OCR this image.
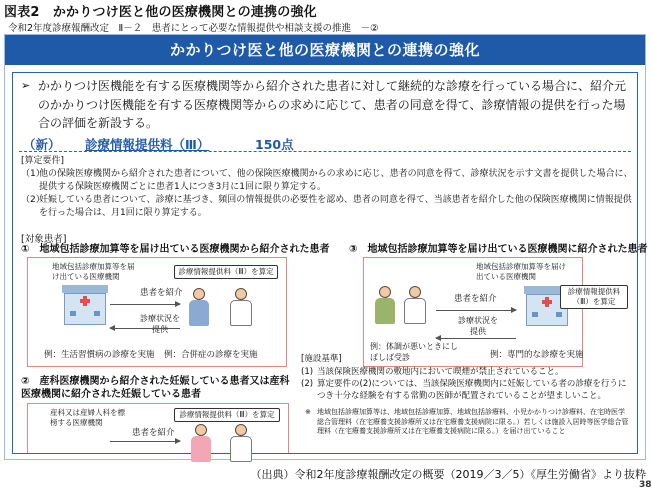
図表2　かかりつけ医と他の医療機関との連携の強化
令和2年度診療報酬改定　Ⅱ－２　患者にとって必要な情報提供や相談支援の推進　－②
かかりつけ医と他の医療機関との連携の強化
➢ かかりつけ医機能を有する医療機関等から紹介された患者に対して継続的な診療を行っている場合に、紹介元のかかりつけ医機能を有する医療機関等からの求めに応じて、患者の同意を得て、診療情報の提供を行った場合の評価を新設する。
（新） 診療情報提供料（Ⅲ）	150点
[算定要件]
（1）
他の保険医療機関から紹介された患者について、他の保険医療機関からの求めに応じ、患者の同意を得て、診療状況を示す文書を提供した場合に、提供する保険医療機関ごとに患者1人につき3月に1回に限り算定する。
（2）
妊娠している患者について、診療に基づき、頻回の情報提供の必要性を認め、患者の同意を得て、当該患者を紹介した他の保険医療機関に情報提供を行った場合は、月1回に限り算定する。
[対象患者]
①　地域包括診療加算等を届け出ている医療機関から紹介された患者
地域包括診療加算等を届け出ている医療機関
診療情報提供料（Ⅲ）を算定
患者を紹介
診療状況を提供
例：生活習慣病の診療を実施 例：合併症の診療を実施
③　地域包括診療加算等を届け出ている医療機関に紹介された患者
地域包括診療加算等を届け出ている医療機関
診療情報提供料（Ⅲ）を算定
患者を紹介
診療状況を提供
例：体調が悪いときにしばしば受診	例：専門的な診療を実施
②　産科医療機関から紹介された妊娠している患者又は産科医療機関に紹介された妊娠している患者
産科又は産婦人科を標榜する医療機関
診療情報提供料（Ⅲ）を算定
患者を紹介
[施設基準]
(1) 当該保険医療機関の敷地内において喫煙が禁止されていること。
(2) 算定要件の(2)については、当該保険医療機関内に妊娠している者の診療を行うにつき十分な経験を有する常勤の医師が配置されていることが望ましいこと。
※ 地域包括診療加算等は、地域包括診療加算、地域包括診療料、小児かかりつけ診療料、在宅時医学総合管理料（在宅療養支援診療所又は在宅療養支援病院に限る。）若しくは施設入居時等医学総合管理料（在宅療養支援診療所又は在宅療養支援病院に限る。）を届け出ていること
38
（出典）令和2年度診療報酬改定の概要（2019／3／5）《厚生労働省》より抜粋
